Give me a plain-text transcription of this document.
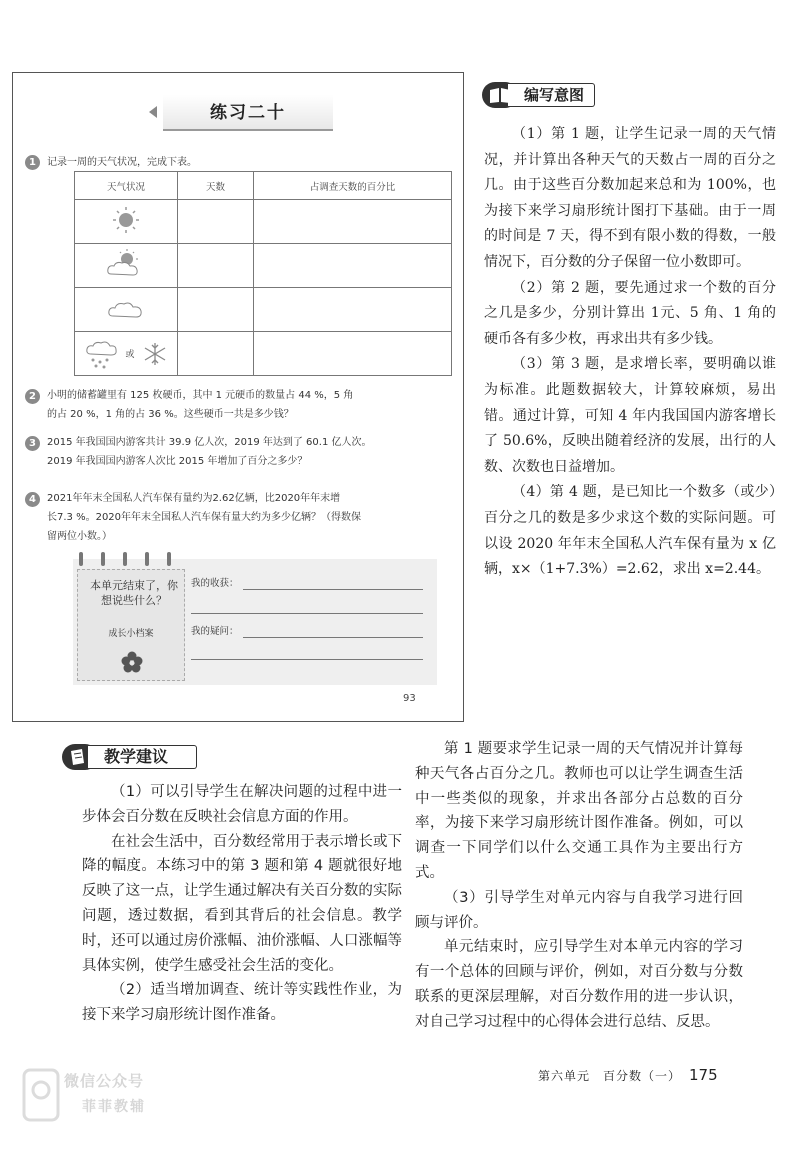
练习二十
1	记录一周的天气状况，完成下表。
天气状况	天数	占调查天数的百分比

或		
2	小明的储蓄罐里有 125 枚硬币，其中 1 元硬币的数量占 44 %，5 角
的占 20 %，1 角的占 36 %。这些硬币一共是多少钱？
3	2015 年我国国内游客共计 39.9 亿人次，2019 年达到了 60.1 亿人次。
2019 年我国国内游客人次比 2015 年增加了百分之多少？
4	2021年年末全国私人汽车保有量约为2.62亿辆，比2020年年末增
长7.3 %。2020年年末全国私人汽车保有量大约为多少亿辆？（得数保
留两位小数。）
本单元结束了，你想说些什么？
成长小档案
我的收获：
我的疑问：
93
编写意图

（1）第 1 题，让学生记录一周的天气情况，并计算出各种天气的天数占一周的百分之几。由于这些百分数加起来总和为 100%，也为接下来学习扇形统计图打下基础。由于一周的时间是 7 天，得不到有限小数的得数，一般情况下，百分数的分子保留一位小数即可。

（2）第 2 题，要先通过求一个数的百分之几是多少，分别计算出 1元、5 角、1 角的硬币各有多少枚，再求出共有多少钱。

（3）第 3 题，是求增长率，要明确以谁为标准。此题数据较大，计算较麻烦，易出错。通过计算，可知 4 年内我国国内游客增长了 50.6%，反映出随着经济的发展，出行的人数、次数也日益增加。

（4）第 4 题，是已知比一个数多（或少）百分之几的数是多少求这个数的实际问题。可以设 2020 年年末全国私人汽车保有量为 x 亿辆，x×（1+7.3%）=2.62，求出 x=2.44。

教学建议

（1）可以引导学生在解决问题的过程中进一步体会百分数在反映社会信息方面的作用。

在社会生活中，百分数经常用于表示增长或下降的幅度。本练习中的第 3 题和第 4 题就很好地反映了这一点，让学生通过解决有关百分数的实际问题，透过数据，看到其背后的社会信息。教学时，还可以通过房价涨幅、油价涨幅、人口涨幅等具体实例，使学生感受社会生活的变化。

（2）适当增加调查、统计等实践性作业，为接下来学习扇形统计图作准备。

第 1 题要求学生记录一周的天气情况并计算每种天气各占百分之几。教师也可以让学生调查生活中一些类似的现象，并求出各部分占总数的百分率，为接下来学习扇形统计图作准备。例如，可以调查一下同学们以什么交通工具作为主要出行方式。

（3）引导学生对单元内容与自我学习进行回顾与评价。

单元结束时，应引导学生对本单元内容的学习有一个总体的回顾与评价，例如，对百分数与分数联系的更深层理解，对百分数作用的进一步认识，对自己学习过程中的心得体会进行总结、反思。

第六单元　百分数（一） 175
微信公众号
菲菲教辅
